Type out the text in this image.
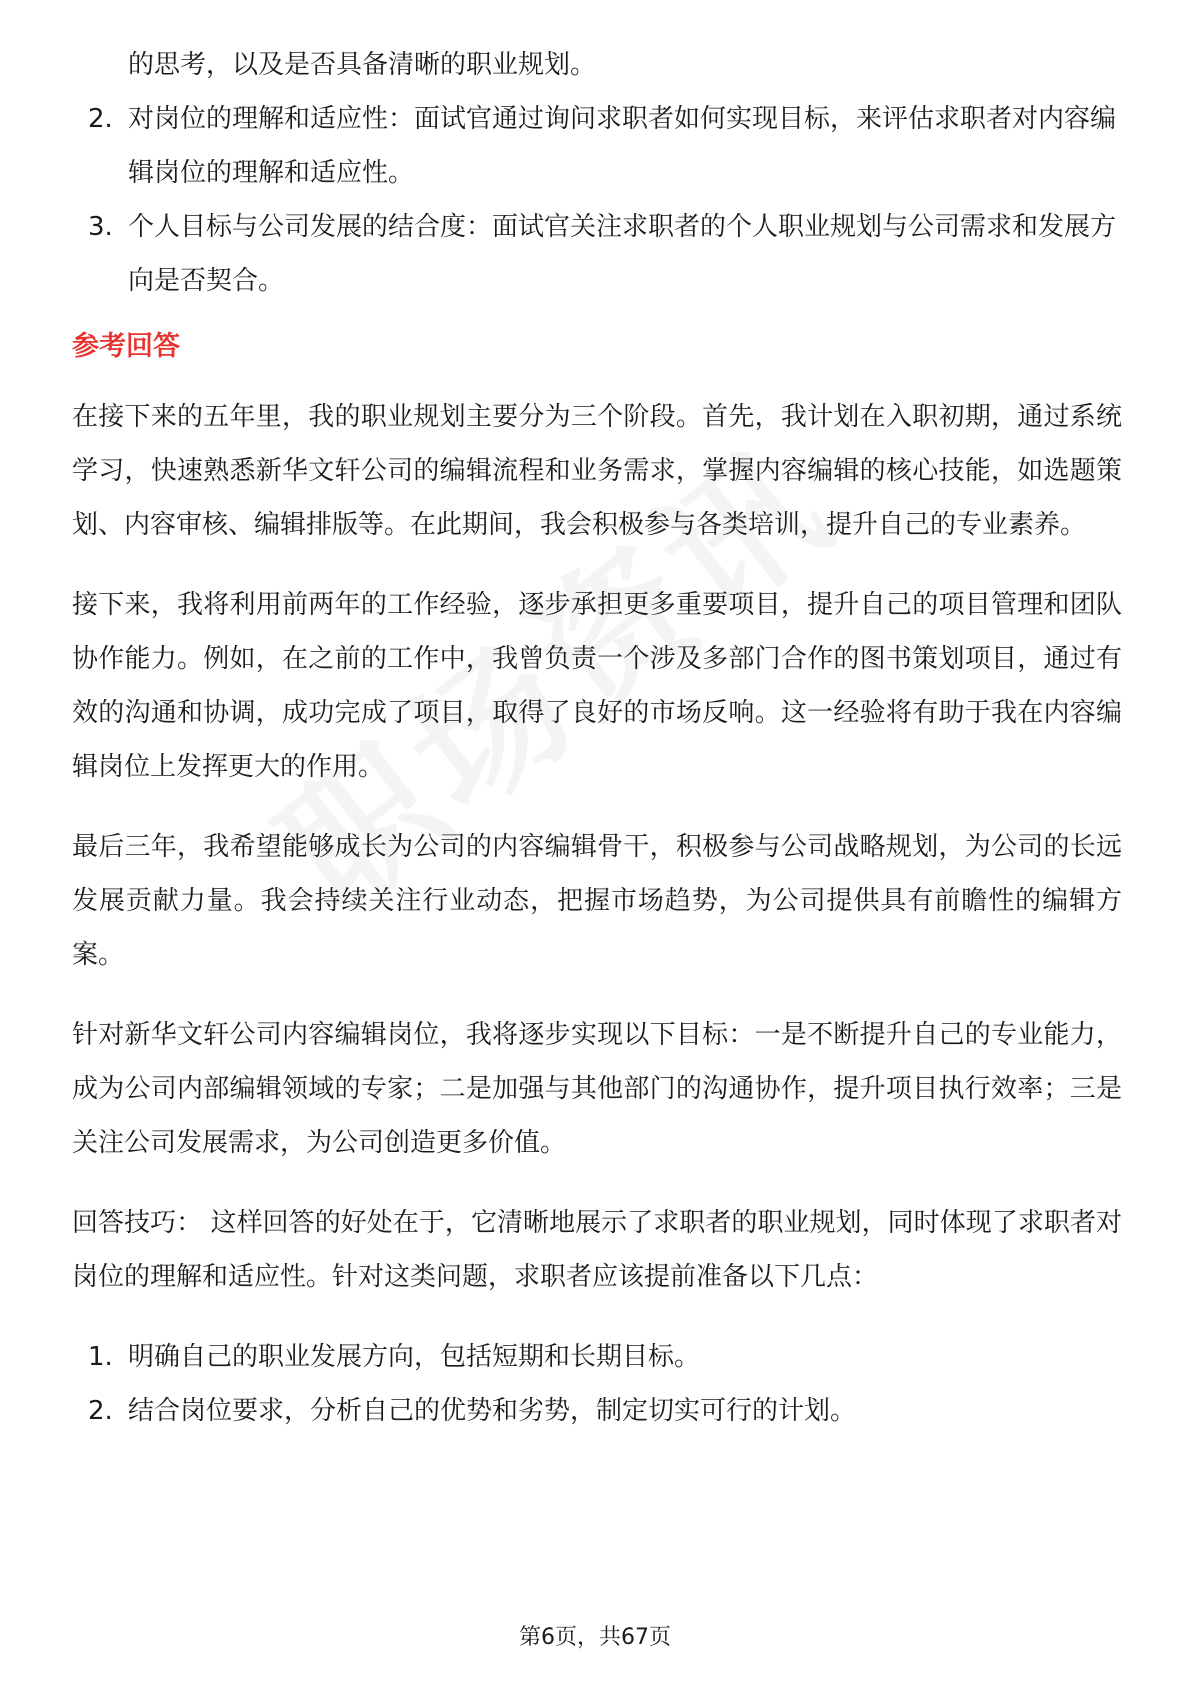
的思考，以及是否具备清晰的职业规划。

2. 对岗位的理解和适应性：面试官通过询问求职者如何实现目标，来评估求职者对内容编辑岗位的理解和适应性。
3. 个人目标与公司发展的结合度：面试官关注求职者的个人职业规划与公司需求和发展方向是否契合。
参考回答

在接下来的五年里，我的职业规划主要分为三个阶段。首先，我计划在入职初期，通过系统学习，快速熟悉新华文轩公司的编辑流程和业务需求，掌握内容编辑的核心技能，如选题策划、内容审核、编辑排版等。在此期间，我会积极参与各类培训，提升自己的专业素养。

接下来，我将利用前两年的工作经验，逐步承担更多重要项目，提升自己的项目管理和团队协作能力。例如，在之前的工作中，我曾负责一个涉及多部门合作的图书策划项目，通过有效的沟通和协调，成功完成了项目，取得了良好的市场反响。这一经验将有助于我在内容编辑岗位上发挥更大的作用。

最后三年，我希望能够成长为公司的内容编辑骨干，积极参与公司战略规划，为公司的长远发展贡献力量。我会持续关注行业动态，把握市场趋势，为公司提供具有前瞻性的编辑方案。

针对新华文轩公司内容编辑岗位，我将逐步实现以下目标：一是不断提升自己的专业能力，成为公司内部编辑领域的专家；二是加强与其他部门的沟通协作，提升项目执行效率；三是关注公司发展需求，为公司创造更多价值。

回答技巧： 这样回答的好处在于，它清晰地展示了求职者的职业规划，同时体现了求职者对岗位的理解和适应性。针对这类问题，求职者应该提前准备以下几点：

1. 明确自己的职业发展方向，包括短期和长期目标。
2. 结合岗位要求，分析自己的优势和劣势，制定切实可行的计划。
第6页，共67页
